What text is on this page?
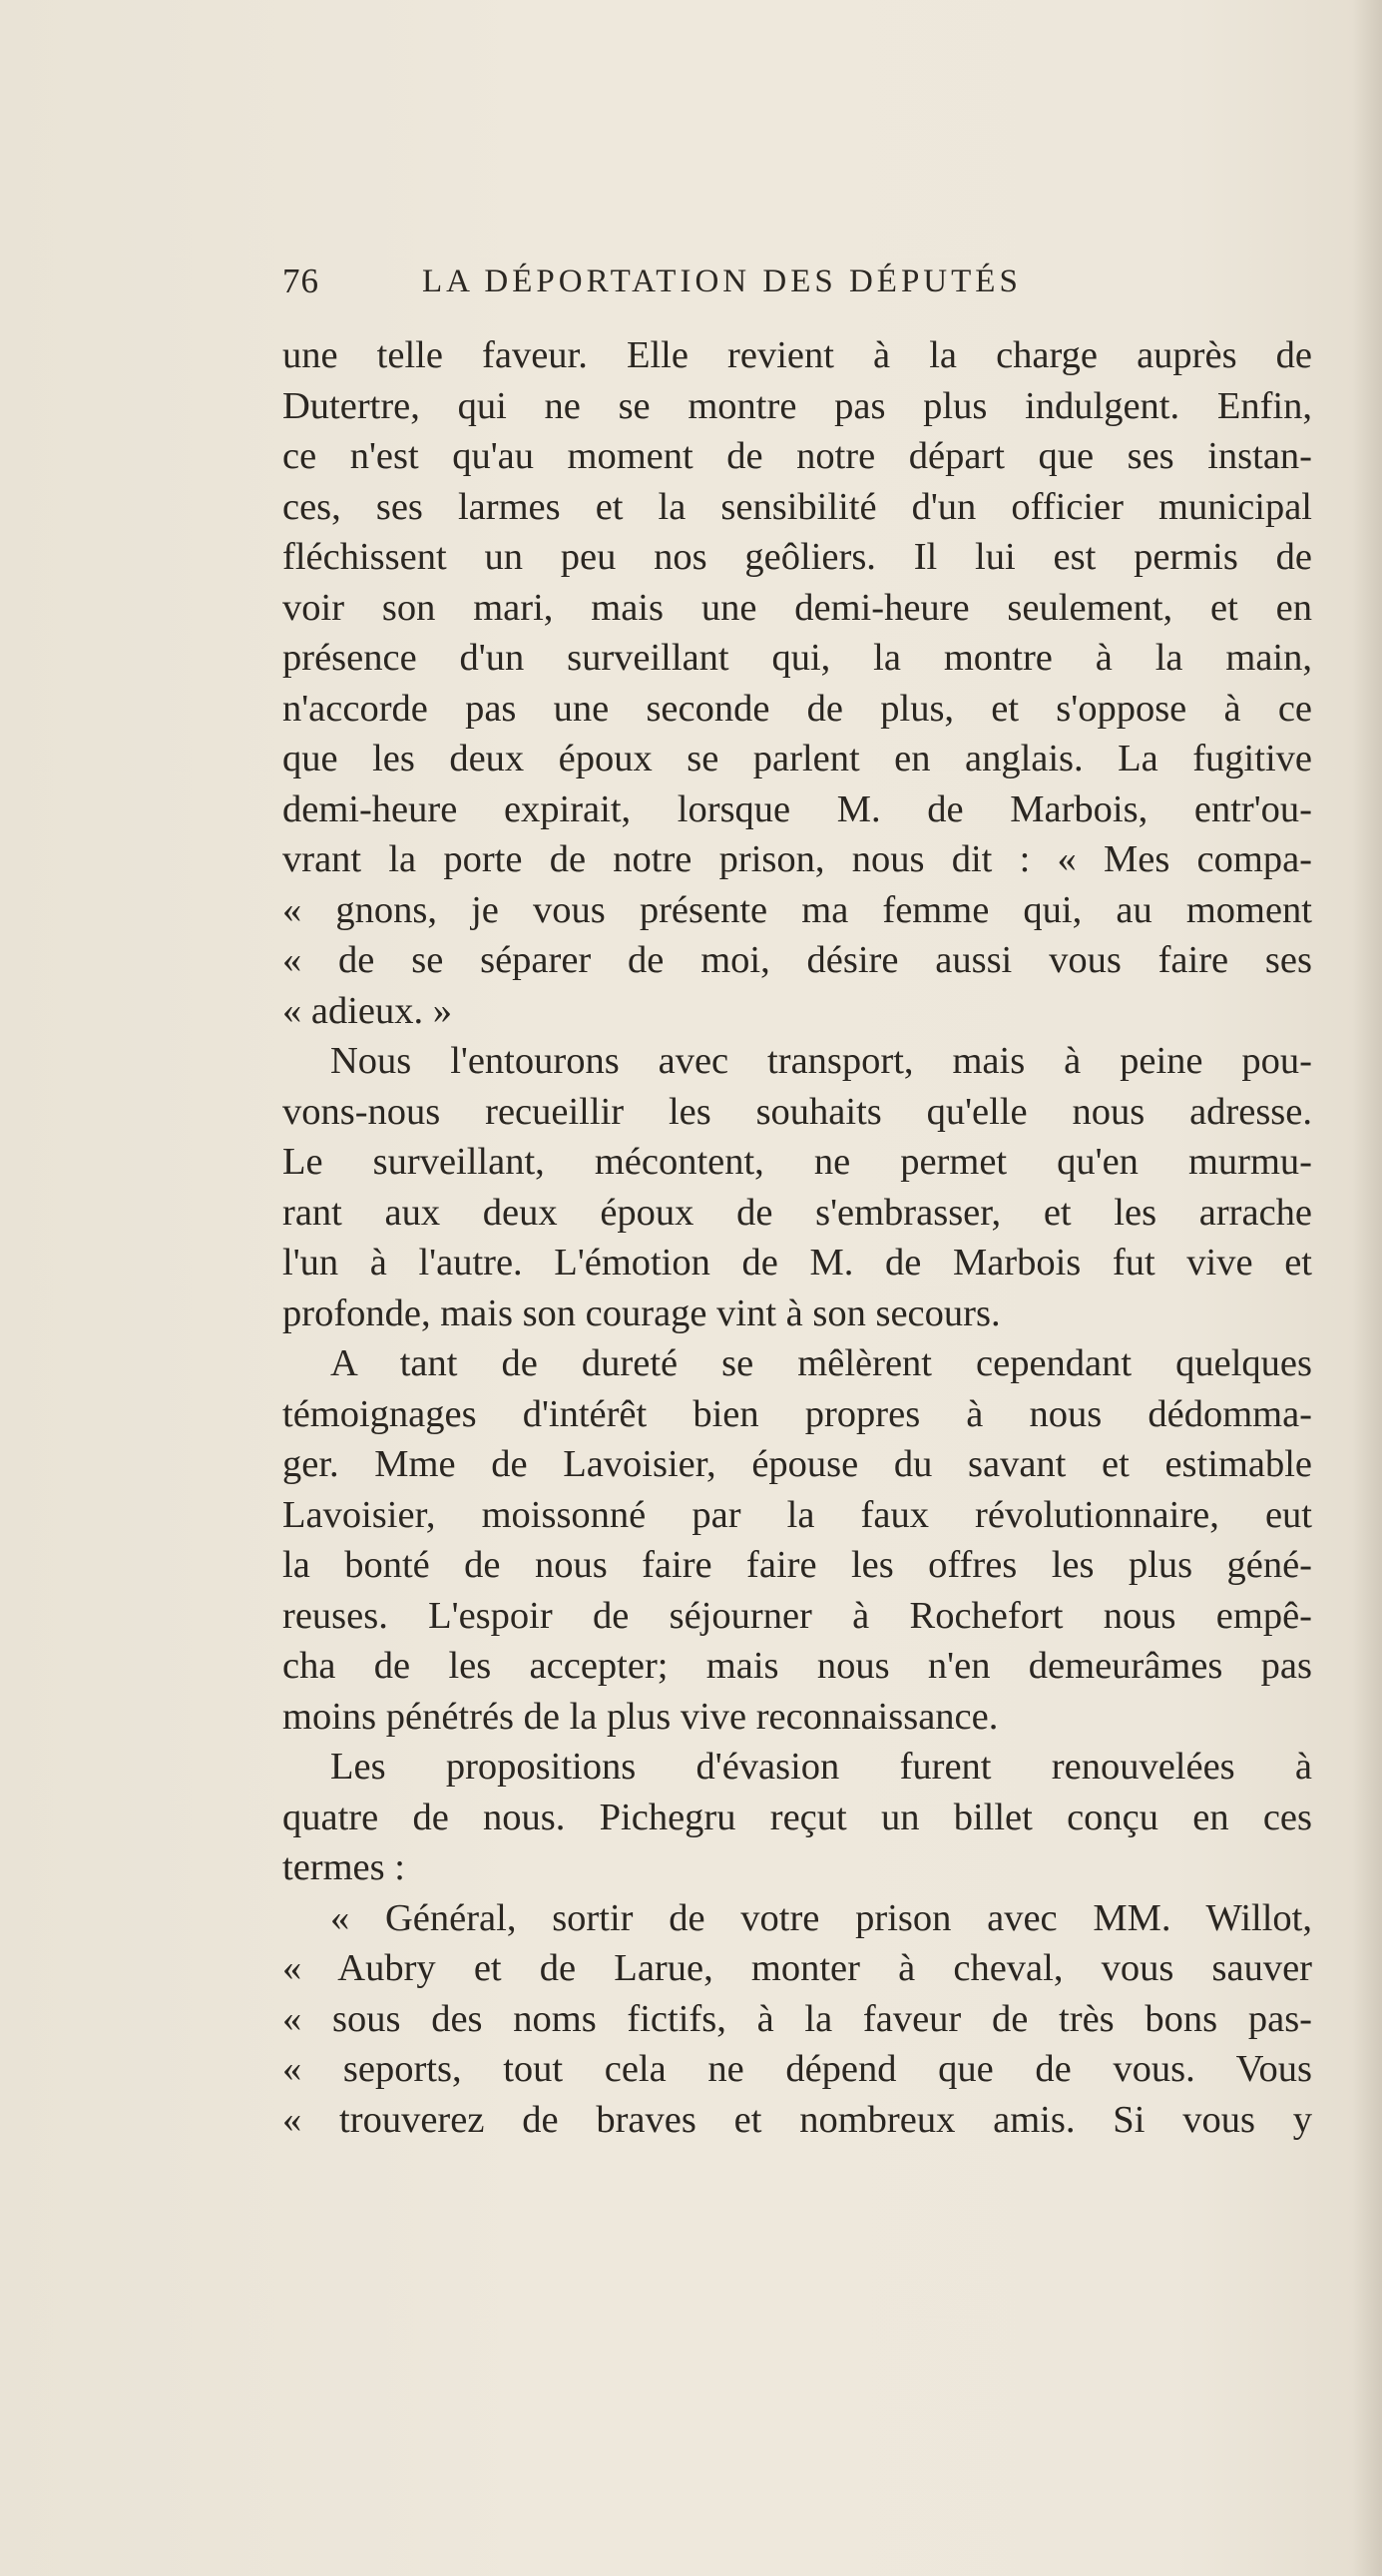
76	LA DÉPORTATION DES DÉPUTÉS
une telle faveur. Elle revient à la charge auprès de
Dutertre, qui ne se montre pas plus indulgent. Enfin,
ce n'est qu'au moment de notre départ que ses instan-
ces, ses larmes et la sensibilité d'un officier municipal
fléchissent un peu nos geôliers. Il lui est permis de
voir son mari, mais une demi-heure seulement, et en
présence d'un surveillant qui, la montre à la main,
n'accorde pas une seconde de plus, et s'oppose à ce
que les deux époux se parlent en anglais. La fugitive
demi-heure expirait, lorsque M. de Marbois, entr'ou-
vrant la porte de notre prison, nous dit : « Mes compa-
« gnons, je vous présente ma femme qui, au moment
« de se séparer de moi, désire aussi vous faire ses
« adieux. »
Nous l'entourons avec transport, mais à peine pou-
vons-nous recueillir les souhaits qu'elle nous adresse.
Le surveillant, mécontent, ne permet qu'en murmu-
rant aux deux époux de s'embrasser, et les arrache
l'un à l'autre. L'émotion de M. de Marbois fut vive et
profonde, mais son courage vint à son secours.
A tant de dureté se mêlèrent cependant quelques
témoignages d'intérêt bien propres à nous dédomma-
ger. Mme de Lavoisier, épouse du savant et estimable
Lavoisier, moissonné par la faux révolutionnaire, eut
la bonté de nous faire faire les offres les plus géné-
reuses. L'espoir de séjourner à Rochefort nous empê-
cha de les accepter; mais nous n'en demeurâmes pas
moins pénétrés de la plus vive reconnaissance.
Les propositions d'évasion furent renouvelées à
quatre de nous. Pichegru reçut un billet conçu en ces
termes :
« Général, sortir de votre prison avec MM. Willot,
« Aubry et de Larue, monter à cheval, vous sauver
« sous des noms fictifs, à la faveur de très bons pas-
« seports, tout cela ne dépend que de vous. Vous
« trouverez de braves et nombreux amis. Si vous y
